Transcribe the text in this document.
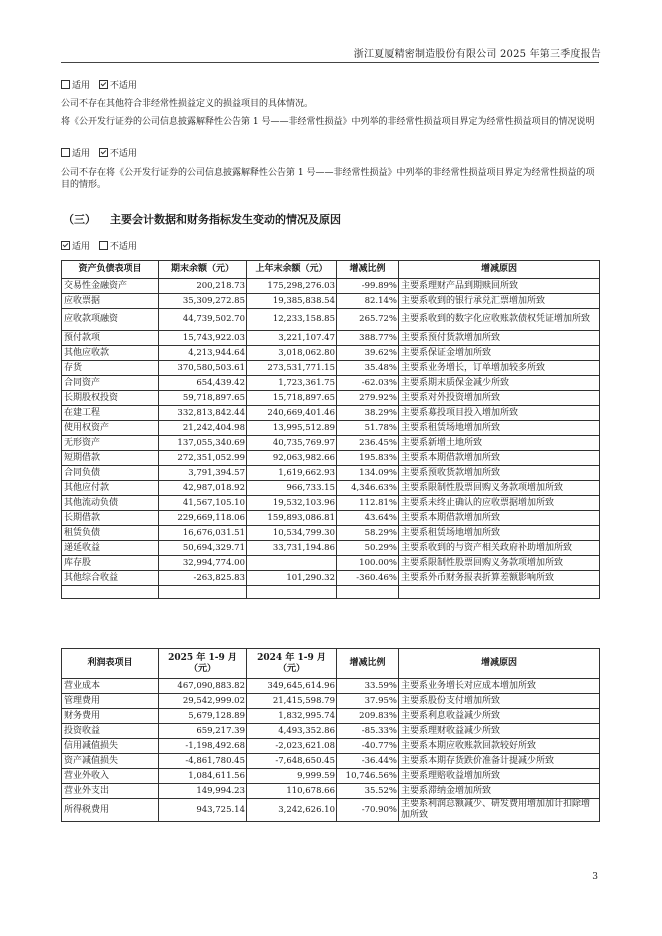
浙江夏厦精密制造股份有限公司 2025 年第三季度报告
适用 不适用
公司不存在其他符合非经常性损益定义的损益项目的具体情况。
将《公开发行证券的公司信息披露解释性公告第 1 号——非经常性损益》中列举的非经常性损益项目界定为经常性损益项目的情况说明
适用 不适用
公司不存在将《公开发行证券的公司信息披露解释性公告第 1 号——非经常性损益》中列举的非经常性损益项目界定为经常性损益的项目的情形。
（三） 主要会计数据和财务指标发生变动的情况及原因
适用 不适用
资产负债表项目	期末余额（元）	上年末余额（元）	增减比例	增减原因
交易性金融资产	200,218.73	175,298,276.03	-99.89%	主要系理财产品到期赎回所致
应收票据	35,309,272.85	19,385,838.54	82.14%	主要系收到的银行承兑汇票增加所致
应收款项融资	44,739,502.70	12,233,158.85	265.72%	主要系收到的数字化应收账款债权凭证增加所致
预付款项	15,743,922.03	3,221,107.47	388.77%	主要系预付货款增加所致
其他应收款	4,213,944.64	3,018,062.80	39.62%	主要系保证金增加所致
存货	370,580,503.61	273,531,771.15	35.48%	主要系业务增长，订单增加较多所致
合同资产	654,439.42	1,723,361.75	-62.03%	主要系期末质保金减少所致
长期股权投资	59,718,897.65	15,718,897.65	279.92%	主要系对外投资增加所致
在建工程	332,813,842.44	240,669,401.46	38.29%	主要系募投项目投入增加所致
使用权资产	21,242,404.98	13,995,512.89	51.78%	主要系租赁场地增加所致
无形资产	137,055,340.69	40,735,769.97	236.45%	主要系新增土地所致
短期借款	272,351,052.99	92,063,982.66	195.83%	主要系本期借款增加所致
合同负债	3,791,394.57	1,619,662.93	134.09%	主要系预收货款增加所致
其他应付款	42,987,018.92	966,733.15	4,346.63%	主要系限制性股票回购义务款项增加所致
其他流动负债	41,567,105.10	19,532,103.96	112.81%	主要系未终止确认的应收票据增加所致
长期借款	229,669,118.06	159,893,086.81	43.64%	主要系本期借款增加所致
租赁负债	16,676,031.51	10,534,799.30	58.29%	主要系租赁场地增加所致
递延收益	50,694,329.71	33,731,194.86	50.29%	主要系收到的与资产相关政府补助增加所致
库存股	32,994,774.00		100.00%	主要系限制性股票回购义务款项增加所致
其他综合收益	-263,825.83	101,290.32	-360.46%	主要系外币财务报表折算差额影响所致

利润表项目	2025 年 1-9 月（元）	2024 年 1-9 月（元）	增减比例	增减原因
营业成本	467,090,883.82	349,645,614.96	33.59%	主要系业务增长对应成本增加所致
管理费用	29,542,999.02	21,415,598.79	37.95%	主要系股份支付增加所致
财务费用	5,679,128.89	1,832,995.74	209.83%	主要系利息收益减少所致
投资收益	659,217.39	4,493,352.86	-85.33%	主要系理财收益减少所致
信用减值损失	-1,198,492.68	-2,023,621.08	-40.77%	主要系本期应收账款回款较好所致
资产减值损失	-4,861,780.45	-7,648,650.45	-36.44%	主要系本期存货跌价准备计提减少所致
营业外收入	1,084,611.56	9,999.59	10,746.56%	主要系理赔收益增加所致
营业外支出	149,994.23	110,678.66	35.52%	主要系滞纳金增加所致
所得税费用	943,725.14	3,242,626.10	-70.90%	主要系利润总额减少、研发费用增加加计扣除增加所致
3
